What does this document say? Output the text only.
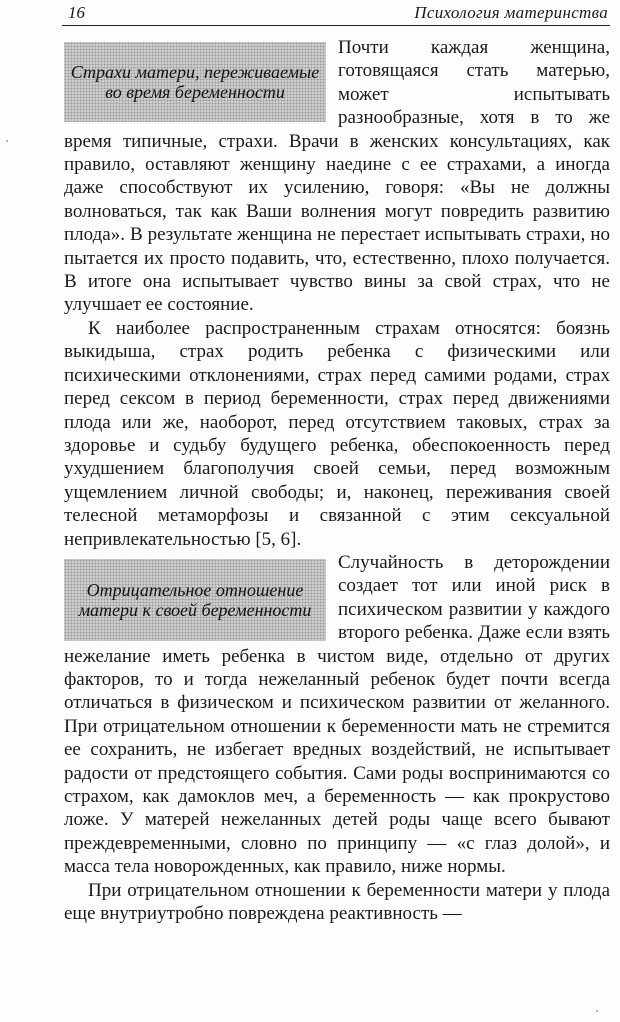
16	Психология материнства
Страхи матери, переживаемые во время беременности

Почти каждая женщина, готовящаяся стать матерью, может испытывать разнообразные, хотя в то же время типичные, страхи. Врачи в женских консультациях, как правило, оставляют женщину наедине с ее страхами, а иногда даже способствуют их усилению, говоря: «Вы не должны волноваться, так как Ваши волнения могут повредить развитию плода». В результате женщина не перестает испытывать страхи, но пытается их просто подавить, что, естественно, плохо получается. В итоге она испытывает чувство вины за свой страх, что не улучшает ее состояние.

К наиболее распространенным страхам относятся: боязнь выкидыша, страх родить ребенка с физическими или психическими отклонениями, страх перед самими родами, страх перед сексом в период беременности, страх перед движениями плода или же, наоборот, перед отсутствием таковых, страх за здоровье и судьбу будущего ребенка, обеспокоенность перед ухудшением благополучия своей семьи, перед возможным ущемлением личной свободы; и, наконец, переживания своей телесной метаморфозы и связанной с этим сексуальной непривлекательностью [5, 6].

Отрицательное отношение матери к своей беременности

Случайность в деторождении создает тот или иной риск в психическом развитии у каждого второго ребенка. Даже если взять нежелание иметь ребенка в чистом виде, отдельно от других факторов, то и тогда нежеланный ребенок будет почти всегда отличаться в физическом и психическом развитии от желанного. При отрицательном отношении к беременности мать не стремится ее сохранить, не избегает вредных воздействий, не испытывает радости от предстоящего события. Сами роды воспринимаются со страхом, как дамоклов меч, а беременность — как прокрустово ложе. У матерей нежеланных детей роды чаще всего бывают преждевременными, словно по принципу — «с глаз долой», и масса тела новорожденных, как правило, ниже нормы.

При отрицательном отношении к беременности матери у плода еще внутриутробно повреждена реактивность —
